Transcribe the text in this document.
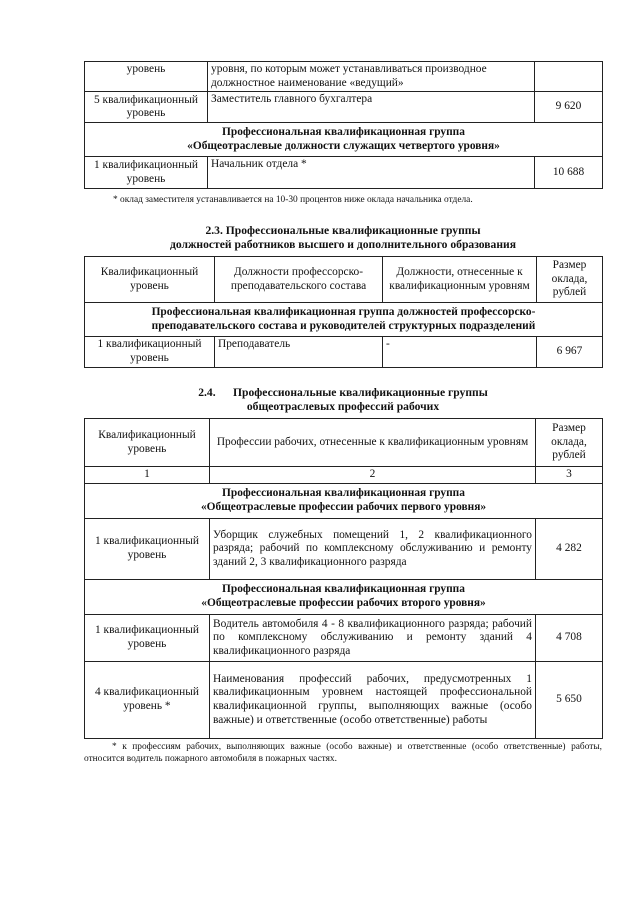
уровень	уровня, по которым может устанавливаться производное должностное наименование «ведущий»	
5 квалификационный уровень	Заместитель главного бухгалтера	9 620

Профессиональная квалификационная группа
«Общеотраслевые должности служащих четвертого уровня»		

1 квалификационный уровень	Начальник отдела *	10 688
* оклад заместителя устанавливается на 10-30 процентов ниже оклада начальника отдела.
2.3. Профессиональные квалификационные группы
должностей работников высшего и дополнительного образования
Квалификационный уровень	Должности профессорско-преподавательского состава	Должности, отнесенные к квалификационным уровням	Размер оклада, рублей

Профессиональная квалификационная группа должностей профессорско-
преподавательского состава и руководителей структурных подразделений			

1 квалификационный уровень	Преподаватель	-	6 967
2.4. Профессиональные квалификационные группы
общеотраслевых профессий рабочих
Квалификационный уровень	Профессии рабочих, отнесенные к квалификационным уровням	Размер оклада, рублей
1	2	3

Профессиональная квалификационная группа
«Общеотраслевые профессии рабочих первого уровня»		

1 квалификационный уровень	Уборщик служебных помещений 1, 2 квалификационного разряда; рабочий по комплексному обслуживанию и ремонту зданий 2, 3 квалификационного разряда	4 282

Профессиональная квалификационная группа
«Общеотраслевые профессии рабочих второго уровня»		

1 квалификационный уровень	Водитель автомобиля 4 - 8 квалификационного разряда; рабочий по комплексному обслуживанию и ремонту зданий 4 квалификационного разряда	4 708
4 квалификационный уровень *	Наименования профессий рабочих, предусмотренных 1 квалификационным уровнем настоящей профессиональной квалификационной группы, выполняющих важные (особо важные) и ответственные (особо ответственные) работы	5 650
* к профессиям рабочих, выполняющих важные (особо важные) и ответственные (особо ответственные) работы, относится водитель пожарного автомобиля в пожарных частях.
